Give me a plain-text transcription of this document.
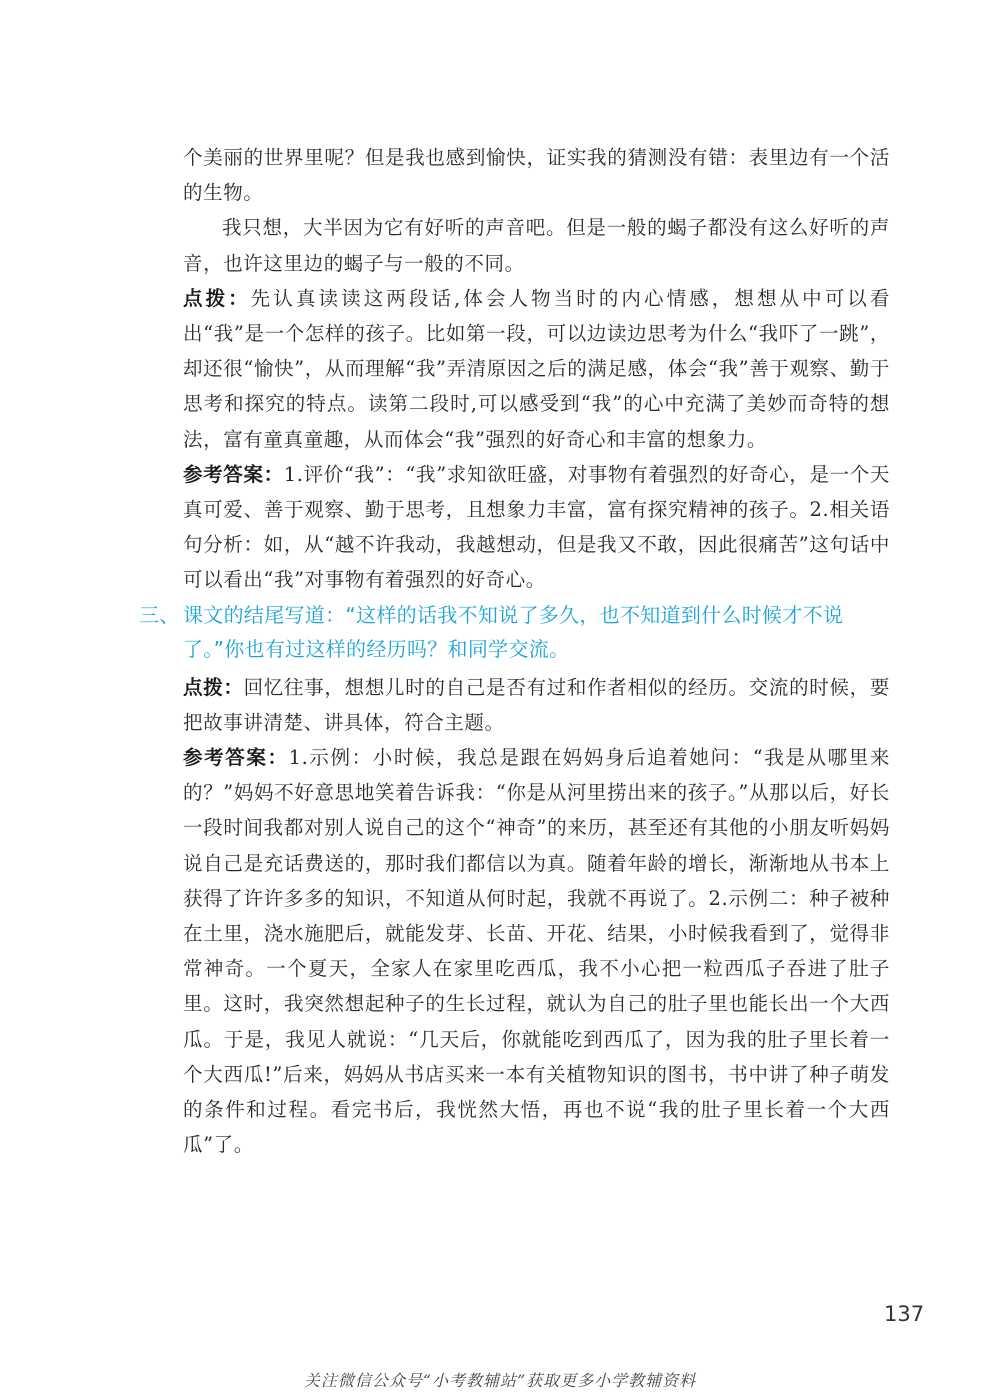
个美丽的世界里呢？但是我也感到愉快，证实我的猜测没有错：表里边有一个活的生物。

我只想，大半因为它有好听的声音吧。但是一般的蝎子都没有这么好听的声音，也许这里边的蝎子与一般的不同。

点拨：先认真读读这两段话,体会人物当时的内心情感，想想从中可以看出“我”是一个怎样的孩子。比如第一段，可以边读边思考为什么“我吓了一跳”，却还很“愉快”，从而理解“我”弄清原因之后的满足感，体会“我”善于观察、勤于思考和探究的特点。读第二段时,可以感受到“我”的心中充满了美妙而奇特的想法，富有童真童趣，从而体会“我”强烈的好奇心和丰富的想象力。

参考答案：1.评价“我”：“我”求知欲旺盛，对事物有着强烈的好奇心，是一个天真可爱、善于观察、勤于思考，且想象力丰富，富有探究精神的孩子。2.相关语句分析：如，从“越不许我动，我越想动，但是我又不敢，因此很痛苦”这句话中可以看出“我”对事物有着强烈的好奇心。

三、 课文的结尾写道：“这样的话我不知说了多久，也不知道到什么时候才不说了。”你也有过这样的经历吗？和同学交流。

点拨：回忆往事，想想儿时的自己是否有过和作者相似的经历。交流的时候，要把故事讲清楚、讲具体，符合主题。

参考答案：1.示例：小时候，我总是跟在妈妈身后追着她问：“我是从哪里来的？”妈妈不好意思地笑着告诉我：“你是从河里捞出来的孩子。”从那以后，好长一段时间我都对别人说自己的这个“神奇”的来历，甚至还有其他的小朋友听妈妈说自己是充话费送的，那时我们都信以为真。随着年龄的增长，渐渐地从书本上获得了许许多多的知识，不知道从何时起，我就不再说了。2.示例二：种子被种在土里，浇水施肥后，就能发芽、长苗、开花、结果，小时候我看到了，觉得非常神奇。一个夏天，全家人在家里吃西瓜，我不小心把一粒西瓜子吞进了肚子里。这时，我突然想起种子的生长过程，就认为自己的肚子里也能长出一个大西瓜。于是，我见人就说：“几天后，你就能吃到西瓜了，因为我的肚子里长着一个大西瓜!”后来，妈妈从书店买来一本有关植物知识的图书，书中讲了种子萌发的条件和过程。看完书后，我恍然大悟，再也不说“我的肚子里长着一个大西瓜”了。

137
关注微信公众号“小考教辅站”获取更多小学教辅资料
